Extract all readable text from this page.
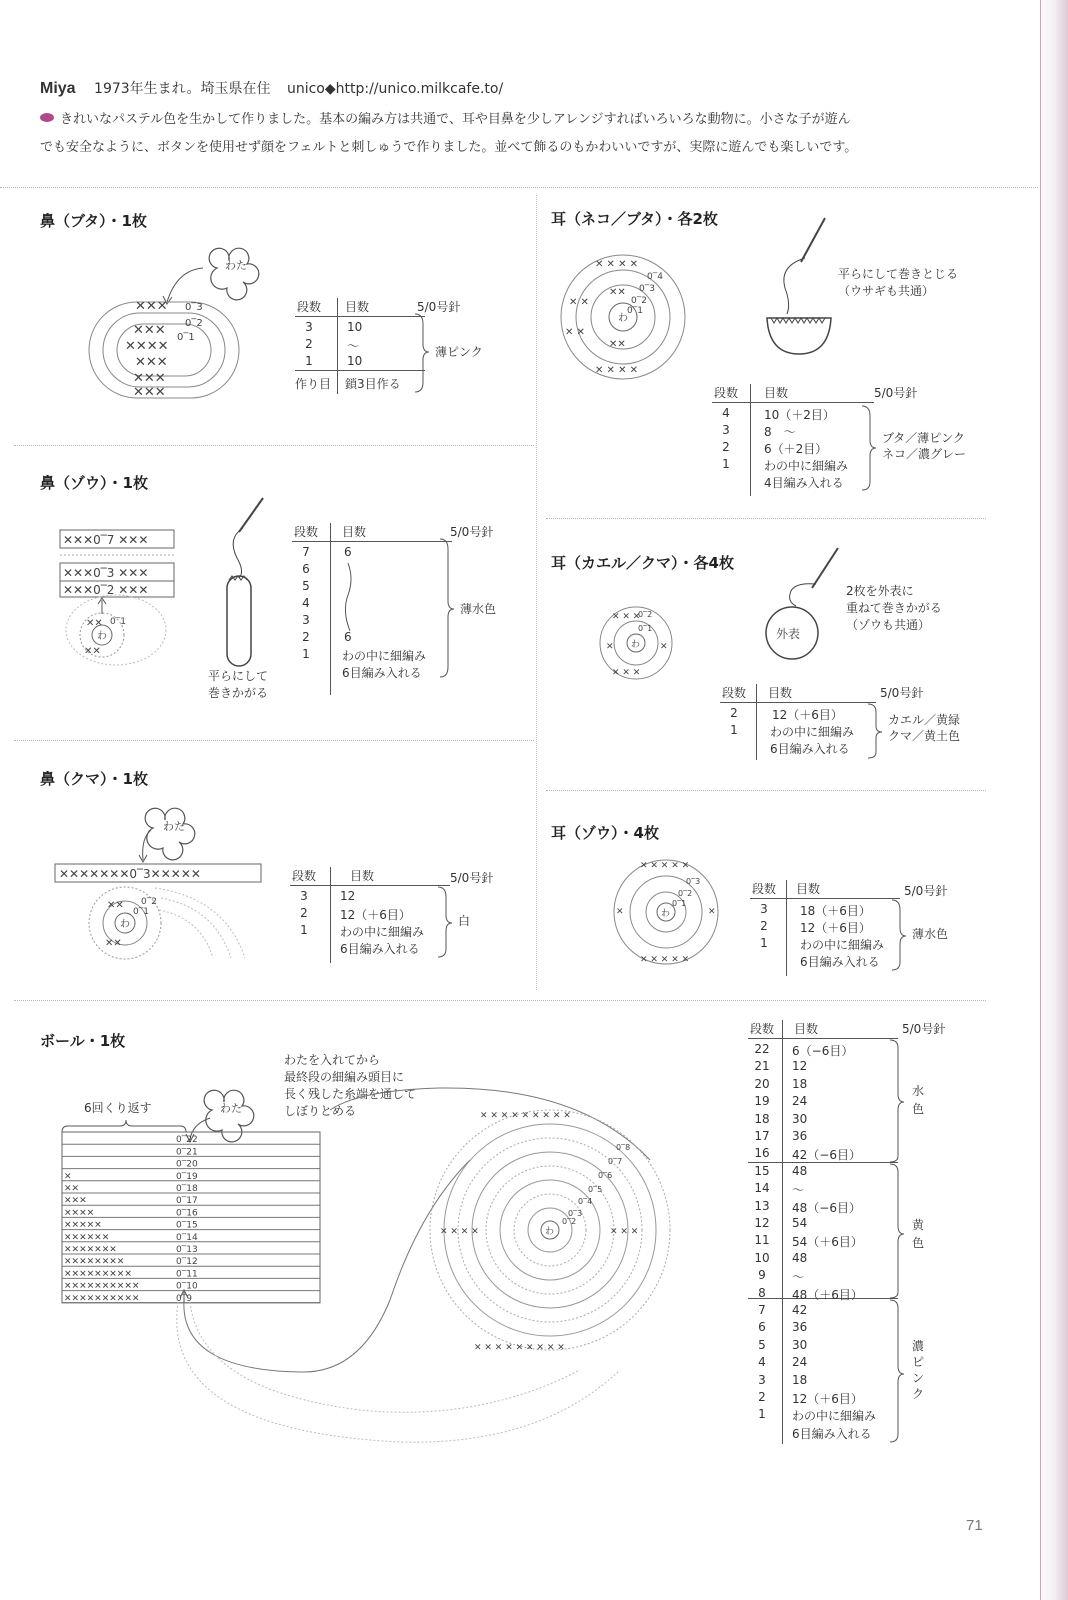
Miya 1973年生まれ。埼玉県在住 unico◆http://unico.milkcafe.to/
きれいなパステル色を生かして作りました。基本の編み方は共通で、耳や目鼻を少しアレンジすればいろいろな動物に。小さな子が遊ん
でも安全なように、ボタンを使用せず顔をフェルトと刺しゅうで作りました。並べて飾るのもかわいいですが、実際に遊んでも楽しいです。
鼻（ブタ）・1枚
わた
✕✕✕
✕✕✕
✕✕✕✕
✕✕✕
✕✕✕
✕✕✕
0‾3
0‾2
0‾1
段数 目数	5/0号針
3	10
2	〜
1	10
作り目 鎖3目作る
薄ピンク
鼻（ゾウ）・1枚
✕✕✕0‾7 ✕✕✕
✕✕✕0‾3 ✕✕✕
✕✕✕0‾2 ✕✕✕
わ
✕✕
✕✕
0‾1
平らにして
巻きかがる
段数 目数	5/0号針
7	6
6
5
4
3
2	6
1	わの中に細編み
6目編み入れる
薄水色
鼻（クマ）・1枚
わた
✕✕✕✕✕✕✕0‾3✕✕✕✕✕
わ
✕✕
✕✕
0‾2
0‾1
段数	目数	5/0号針
3	12
2	12（＋6目）
1	わの中に細編み
6目編み入れる
白
耳（ネコ／ブタ）・各2枚
わ
✕ ✕ ✕ ✕
✕ ✕
✕ ✕
✕ ✕ ✕ ✕
✕✕
✕✕
0‾4
0‾3
0‾2
0‾1
平らにして巻きとじる
（ウサギも共通）
段数 目数	5/0号針
4	10（＋2目）
3	8　〜
2	6（＋2目）
1	わの中に細編み
4目編み入れる
ブタ／薄ピンク
ネコ／濃グレー
耳（カエル／クマ）・各4枚
わ
✕ ✕ ✕
✕	✕
✕ ✕ ✕
0‾2
0‾1	外表
2枚を外表に
重ねて巻きかがる
（ゾウも共通）
段数 目数	5/0号針
2	12（＋6目）
1	わの中に細編み
6目編み入れる
カエル／黄緑
クマ／黄土色
耳（ゾウ）・4枚
わ
✕ ✕ ✕ ✕ ✕
✕	✕
✕ ✕ ✕ ✕ ✕
0‾3
0‾2
0‾1
段数 目数	5/0号針
3	18（＋6目）
2	12（＋6目）
1	わの中に細編み
6目編み入れる
薄水色
ボール・1枚
わたを入れてから
最終段の細編み頭目に
長く残した糸端を通して
しぼりとめる
6回くり返す	わた
0‾22
0‾21
0‾20
✕	0‾19
✕✕	0‾18
✕✕✕	0‾17
✕✕✕✕	0‾16
✕✕✕✕✕	0‾15
✕✕✕✕✕✕	0‾14
✕✕✕✕✕✕✕	0‾13
✕✕✕✕✕✕✕✕	0‾12
✕✕✕✕✕✕✕✕✕	0‾11
✕✕✕✕✕✕✕✕✕✕	0‾10
✕✕✕✕✕✕✕✕✕✕	0‾9
わ
✕ ✕ ✕ ✕ ✕ ✕ ✕ ✕ ✕
✕ ✕ ✕ ✕ ✕ ✕ ✕ ✕ ✕
✕ ✕ ✕ ✕	✕ ✕ ✕
0‾8
0‾7
0‾6
0‾5
0‾4
0‾3
0‾2
段数 目数	5/0号針
22	6（−6目）
21	12
20	18
19	24
18	30
17	36
16	42（−6目）
15	48
14	〜
13	48（−6目）
12	54
11	54（＋6目）
10	48
9	〜
8	48（＋6目）
7	42
6	36
5	30
4	24
3	18
2	12（＋6目）
1	わの中に細編み
6目編み入れる
水
色
黄
色
濃
ピ
ン
ク
71
